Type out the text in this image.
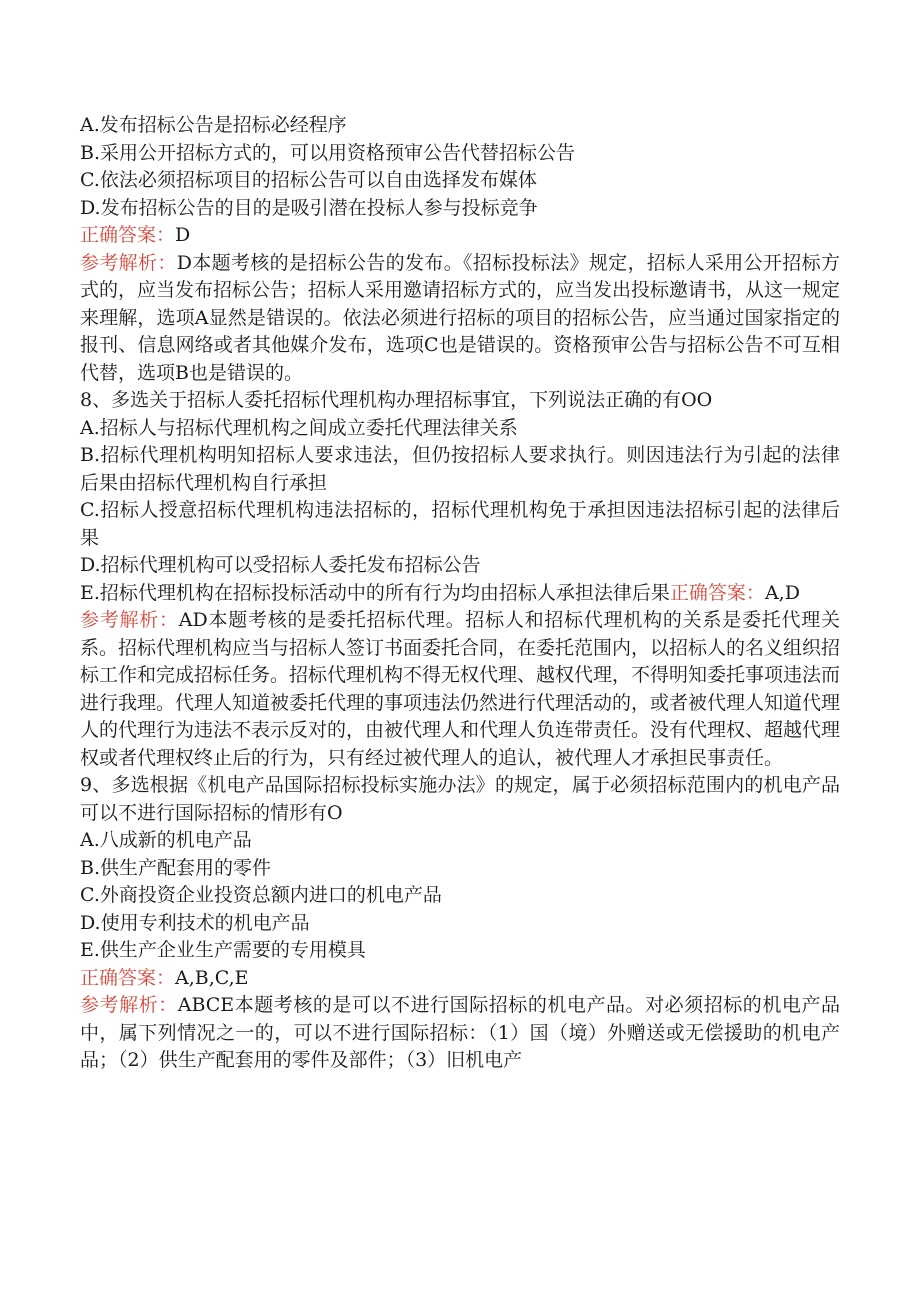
A.发布招标公告是招标必经程序

B.采用公开招标方式的，可以用资格预审公告代替招标公告

C.依法必须招标项目的招标公告可以自由选择发布媒体

D.发布招标公告的目的是吸引潜在投标人参与投标竞争

正确答案：D

参考解析：D本题考核的是招标公告的发布。《招标投标法》规定，招标人采用公开招标方式的，应当发布招标公告；招标人采用邀请招标方式的，应当发出投标邀请书，从这一规定来理解，选项A显然是错误的。依法必须进行招标的项目的招标公告，应当通过国家指定的报刊、信息网络或者其他媒介发布，选项C也是错误的。资格预审公告与招标公告不可互相代替，选项B也是错误的。

8、多选关于招标人委托招标代理机构办理招标事宜，下列说法正确的有OO

A.招标人与招标代理机构之间成立委托代理法律关系

B.招标代理机构明知招标人要求违法，但仍按招标人要求执行。则因违法行为引起的法律后果由招标代理机构自行承担

C.招标人授意招标代理机构违法招标的，招标代理机构免于承担因违法招标引起的法律后果

D.招标代理机构可以受招标人委托发布招标公告

E.招标代理机构在招标投标活动中的所有行为均由招标人承担法律后果正确答案：A,D

参考解析：AD本题考核的是委托招标代理。招标人和招标代理机构的关系是委托代理关系。招标代理机构应当与招标人签订书面委托合同，在委托范围内，以招标人的名义组织招标工作和完成招标任务。招标代理机构不得无权代理、越权代理，不得明知委托事项违法而进行我理。代理人知道被委托代理的事项违法仍然进行代理活动的，或者被代理人知道代理人的代理行为违法不表示反对的，由被代理人和代理人负连带责任。没有代理权、超越代理权或者代理权终止后的行为，只有经过被代理人的追认，被代理人才承担民事责任。

9、多选根据《机电产品国际招标投标实施办法》的规定，属于必须招标范围内的机电产品可以不进行国际招标的情形有O

A.八成新的机电产品

B.供生产配套用的零件

C.外商投资企业投资总额内进口的机电产品

D.使用专利技术的机电产品

E.供生产企业生产需要的专用模具

正确答案：A,B,C,E

参考解析：ABCE本题考核的是可以不进行国际招标的机电产品。对必须招标的机电产品中，属下列情况之一的，可以不进行国际招标：（1）国（境）外赠送或无偿援助的机电产品；（2）供生产配套用的零件及部件；（3）旧机电产
